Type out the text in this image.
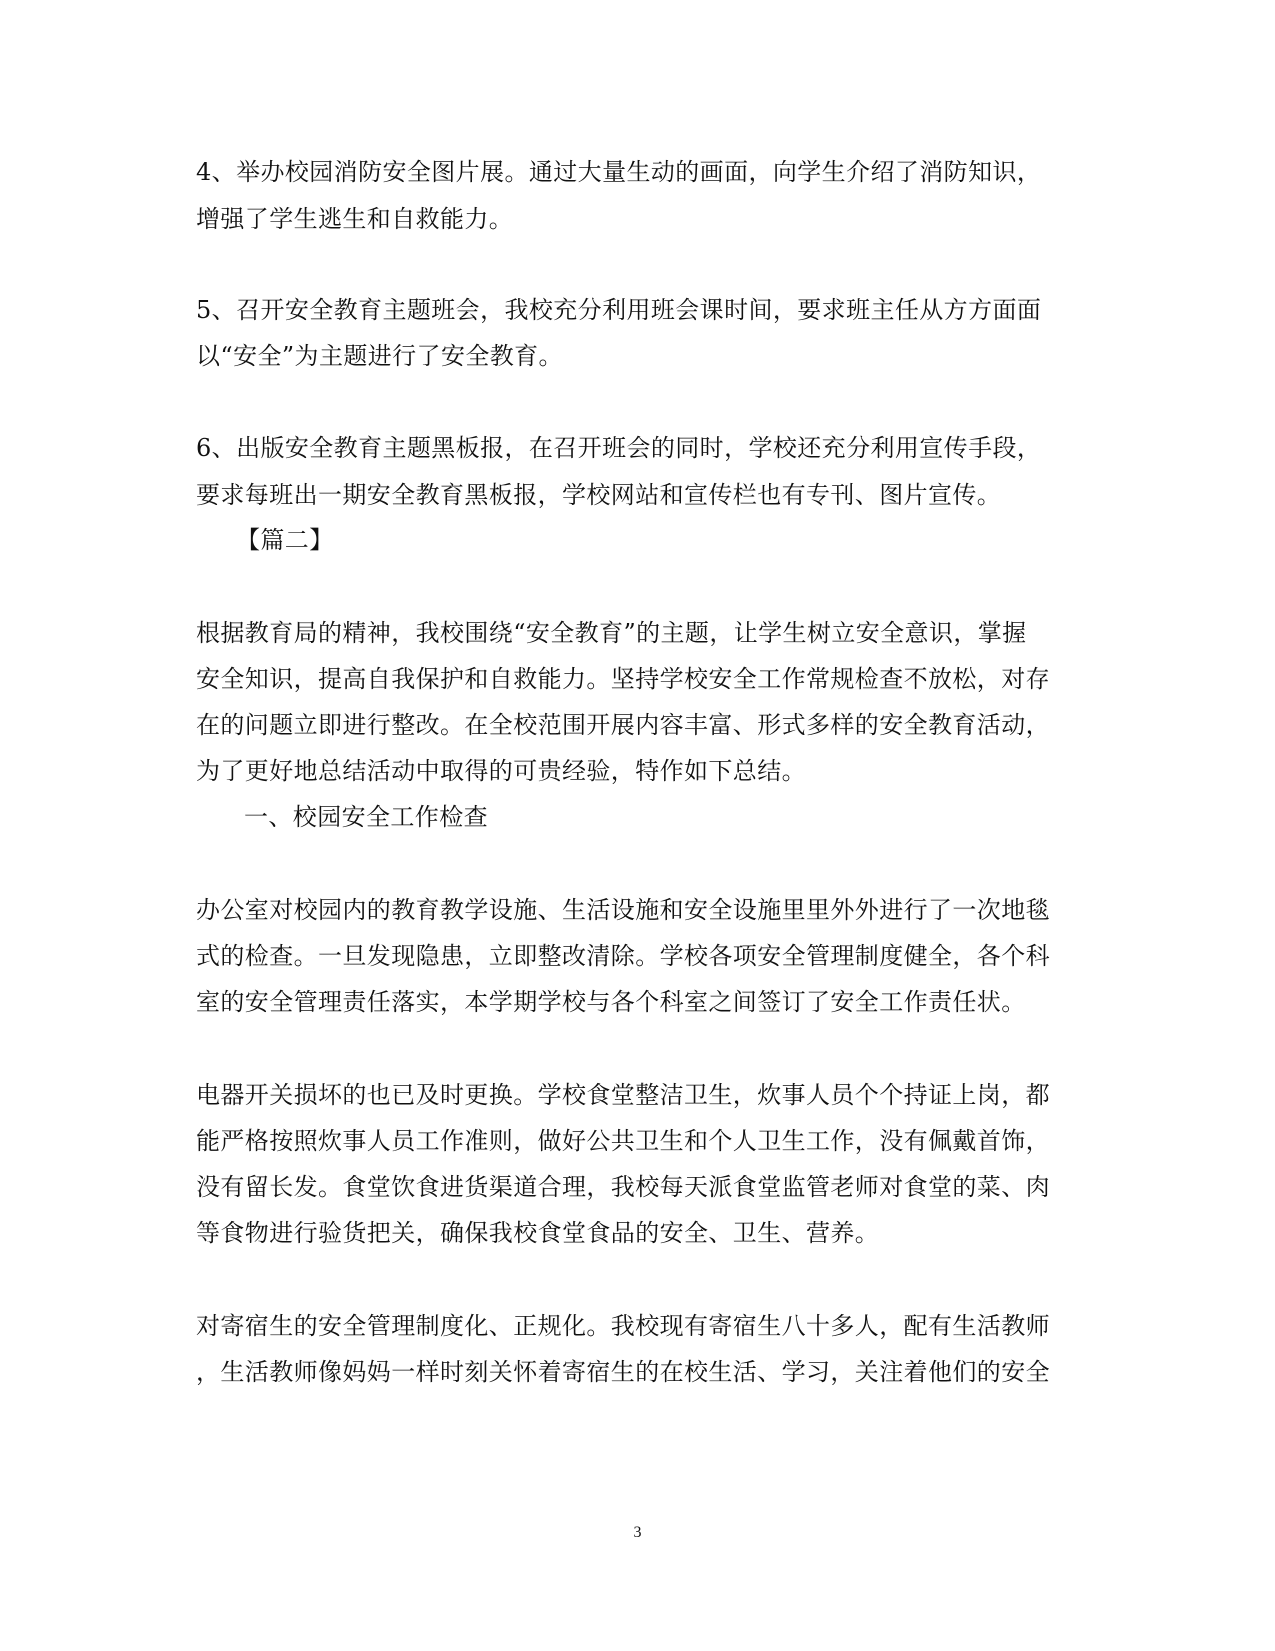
4、举办校园消防安全图片展。通过大量生动的画面，向学生介绍了消防知识，
增强了学生逃生和自救能力。
5、召开安全教育主题班会，我校充分利用班会课时间，要求班主任从方方面面
以“安全”为主题进行了安全教育。
6、出版安全教育主题黑板报，在召开班会的同时，学校还充分利用宣传手段，
要求每班出一期安全教育黑板报，学校网站和宣传栏也有专刊、图片宣传。
【篇二】
根据教育局的精神，我校围绕“安全教育”的主题，让学生树立安全意识，掌握
安全知识，提高自我保护和自救能力。坚持学校安全工作常规检查不放松，对存
在的问题立即进行整改。在全校范围开展内容丰富、形式多样的安全教育活动，
为了更好地总结活动中取得的可贵经验，特作如下总结。
一、校园安全工作检查
办公室对校园内的教育教学设施、生活设施和安全设施里里外外进行了一次地毯
式的检查。一旦发现隐患，立即整改清除。学校各项安全管理制度健全，各个科
室的安全管理责任落实，本学期学校与各个科室之间签订了安全工作责任状。
电器开关损坏的也已及时更换。学校食堂整洁卫生，炊事人员个个持证上岗，都
能严格按照炊事人员工作准则，做好公共卫生和个人卫生工作，没有佩戴首饰，
没有留长发。食堂饮食进货渠道合理，我校每天派食堂监管老师对食堂的菜、肉
等食物进行验货把关，确保我校食堂食品的安全、卫生、营养。
对寄宿生的安全管理制度化、正规化。我校现有寄宿生八十多人，配有生活教师
，生活教师像妈妈一样时刻关怀着寄宿生的在校生活、学习，关注着他们的安全
3
